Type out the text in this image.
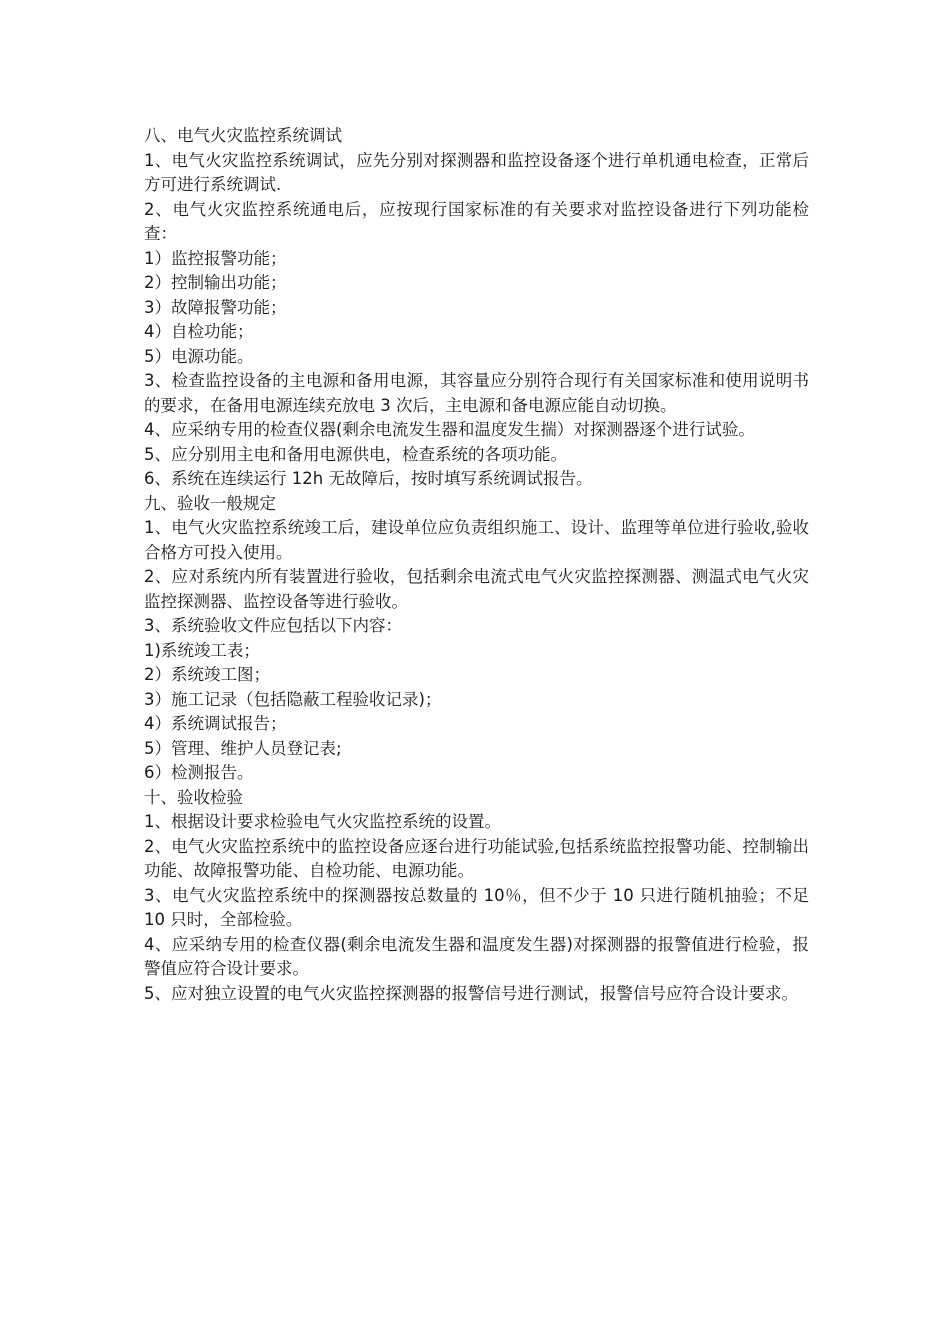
八、电气火灾监控系统调试

1、电气火灾监控系统调试，应先分别对探测器和监控设备逐个进行单机通电检查，正常后方可进行系统调试.

2、电气火灾监控系统通电后，应按现行国家标准的有关要求对监控设备进行下列功能检查：

1）监控报警功能；

2）控制输出功能；

3）故障报警功能；

4）自检功能；

5）电源功能。

3、检查监控设备的主电源和备用电源，其容量应分别符合现行有关国家标准和使用说明书的要求，在备用电源连续充放电 3 次后，主电源和备电源应能自动切换。

4、应采纳专用的检查仪器(剩余电流发生器和温度发生揣）对探测器逐个进行试验。

5、应分别用主电和备用电源供电，检查系统的各项功能。

6、系统在连续运行 12h 无故障后，按时填写系统调试报告。

九、验收一般规定

1、电气火灾监控系统竣工后，建设单位应负责组织施工、设计、监理等单位进行验收,验收合格方可投入使用。

2、应对系统内所有装置进行验收，包括剩余电流式电气火灾监控探测器、测温式电气火灾监控探测器、监控设备等进行验收。

3、系统验收文件应包括以下内容：

1)系统竣工表；

2）系统竣工图；

3）施工记录（包括隐蔽工程验收记录)；

4）系统调试报告；

5）管理、维护人员登记表;

6）检测报告。

十、验收检验

1、根据设计要求检验电气火灾监控系统的设置。

2、电气火灾监控系统中的监控设备应逐台进行功能试验,包括系统监控报警功能、控制输出功能、故障报警功能、自检功能、电源功能。

3、电气火灾监控系统中的探测器按总数量的 10％，但不少于 10 只进行随机抽验；不足 10 只时，全部检验。

4、应采纳专用的检查仪器(剩余电流发生器和温度发生器)对探测器的报警值进行检验，报警值应符合设计要求。

5、应对独立设置的电气火灾监控探测器的报警信号进行测试，报警信号应符合设计要求。
